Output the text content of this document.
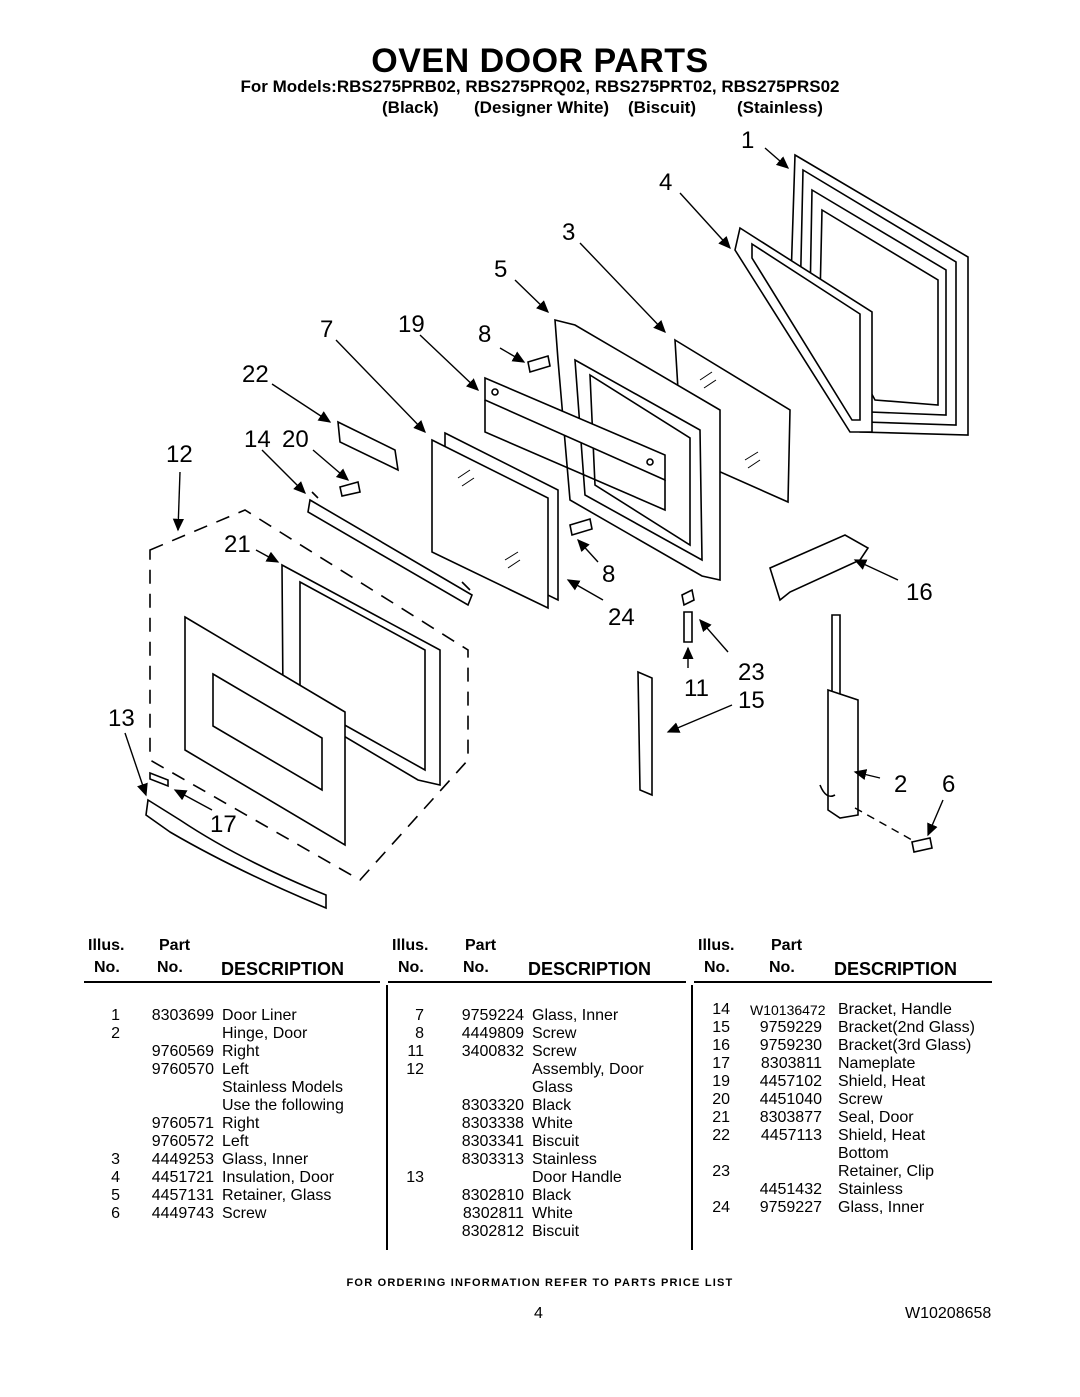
OVEN DOOR PARTS
For Models:RBS275PRB02, RBS275PRQ02, RBS275PRT02, RBS275PRS02
(Black) (Designer White) (Biscuit) (Stainless)
1
4
3
5
7	19 8
22
14 20
12
21
8
24
16
23
11 15
13
17
2 6
Illus.
No.
Part
No. DESCRIPTION
1	8303699 Door Liner
2	Hinge, Door
9760569 Right
9760570 Left
Stainless Models
Use the following
9760571 Right
9760572 Left
3	4449253 Glass, Inner
4	4451721 Insulation, Door
5	4457131 Retainer, Glass
6	4449743 Screw
Illus.
No.
Part
No. DESCRIPTION
7	9759224 Glass, Inner
8	4449809 Screw
11	3400832 Screw
12	Assembly, Door
Glass
8303320 Black
8303338 White
8303341 Biscuit
8303313 Stainless
13	Door Handle
8302810 Black
8302811 White
8302812 Biscuit
Illus.
No.
Part
No. DESCRIPTION
14 W10136472 Bracket, Handle
15	9759229 Bracket(2nd Glass)
16	9759230 Bracket(3rd Glass)
17	8303811 Nameplate
19	4457102 Shield, Heat
20	4451040 Screw
21	8303877 Seal, Door
22	4457113 Shield, Heat
Bottom
23	Retainer, Clip
4451432 Stainless
24	9759227 Glass, Inner
FOR ORDERING INFORMATION REFER TO PARTS PRICE LIST
4	W10208658
